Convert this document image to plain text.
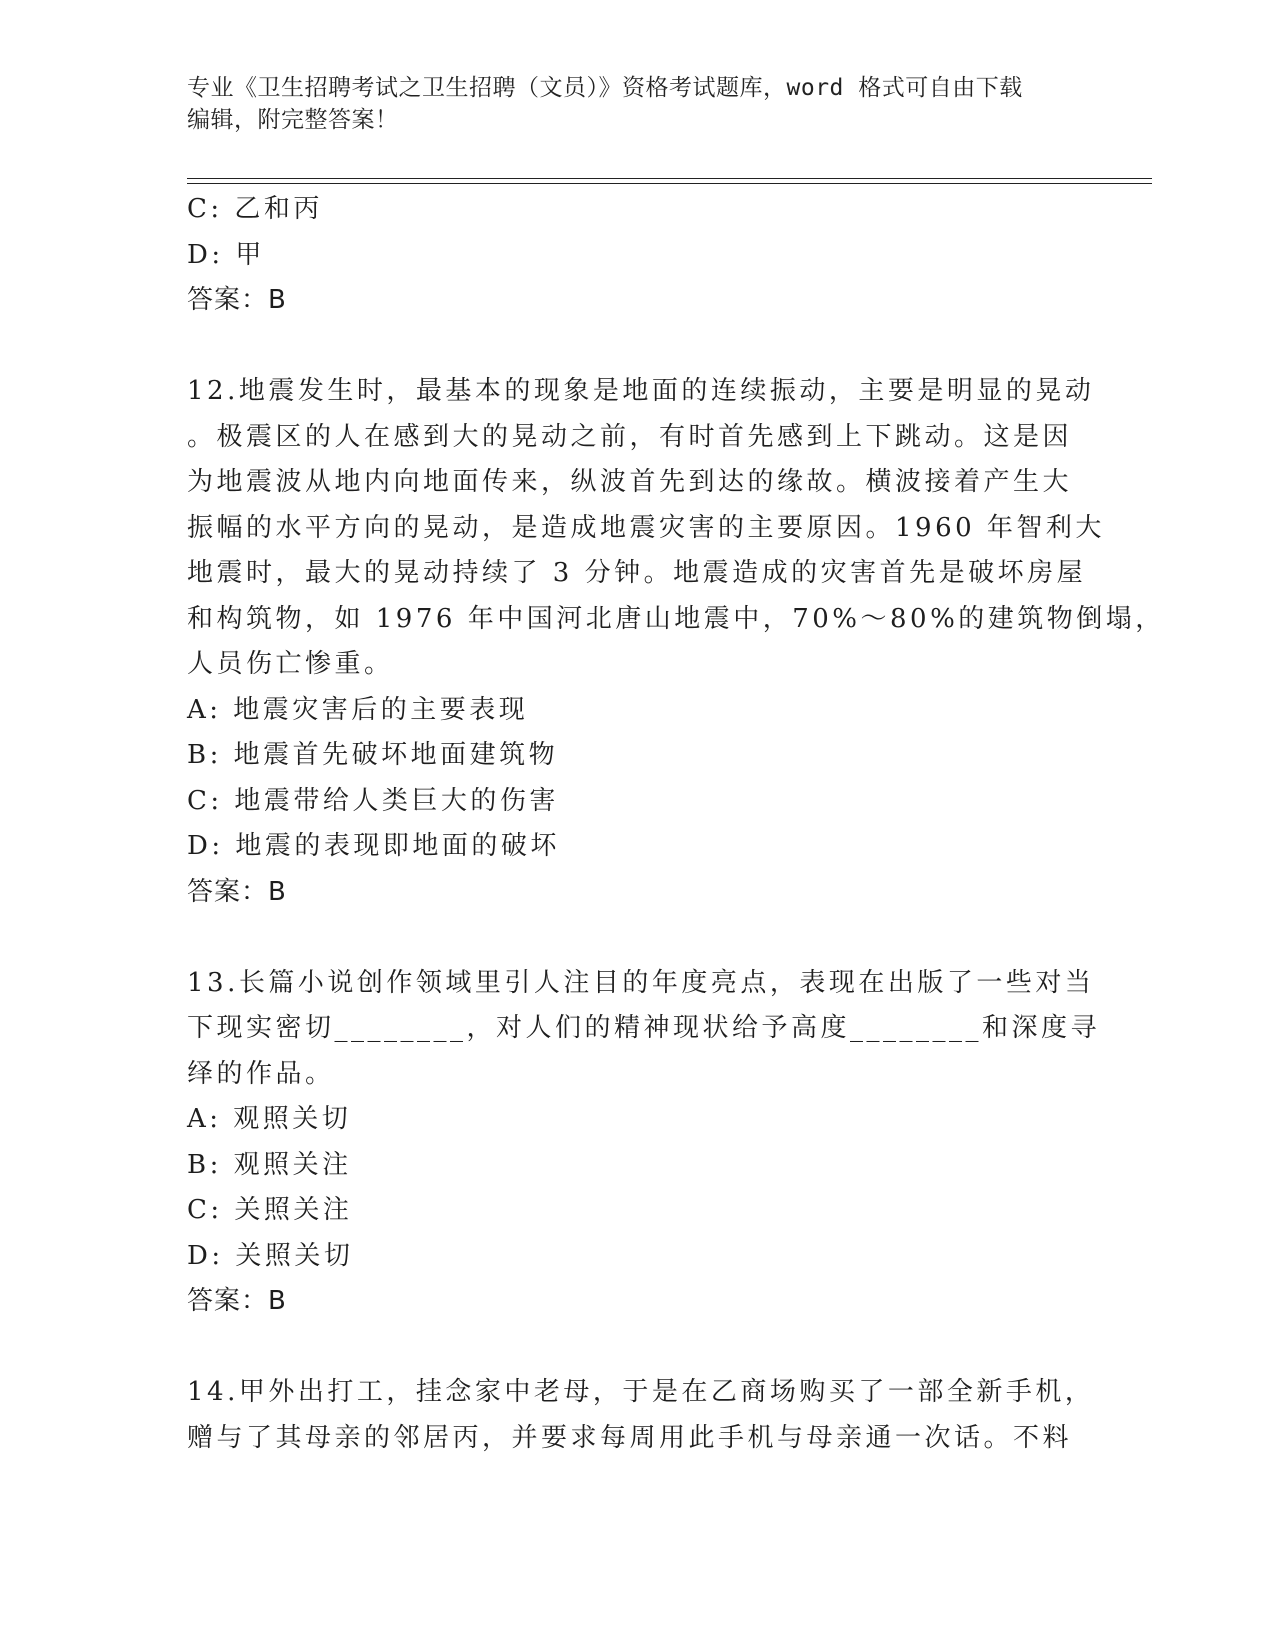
专业《卫生招聘考试之卫生招聘（文员）》资格考试题库，word 格式可自由下载
编辑，附完整答案！
C: 乙和丙
D: 甲
答案：B
12.地震发生时，最基本的现象是地面的连续振动，主要是明显的晃动
。极震区的人在感到大的晃动之前，有时首先感到上下跳动。这是因
为地震波从地内向地面传来，纵波首先到达的缘故。横波接着产生大
振幅的水平方向的晃动，是造成地震灾害的主要原因。1960 年智利大
地震时，最大的晃动持续了 3 分钟。地震造成的灾害首先是破坏房屋
和构筑物，如 1976 年中国河北唐山地震中，70%～80%的建筑物倒塌，
人员伤亡惨重。
A: 地震灾害后的主要表现
B: 地震首先破坏地面建筑物
C: 地震带给人类巨大的伤害
D: 地震的表现即地面的破坏
答案：B
13.长篇小说创作领域里引人注目的年度亮点，表现在出版了一些对当
下现实密切________，对人们的精神现状给予高度________和深度寻
绎的作品。
A: 观照关切
B: 观照关注
C: 关照关注
D: 关照关切
答案：B
14.甲外出打工，挂念家中老母，于是在乙商场购买了一部全新手机，
赠与了其母亲的邻居丙，并要求每周用此手机与母亲通一次话。不料
